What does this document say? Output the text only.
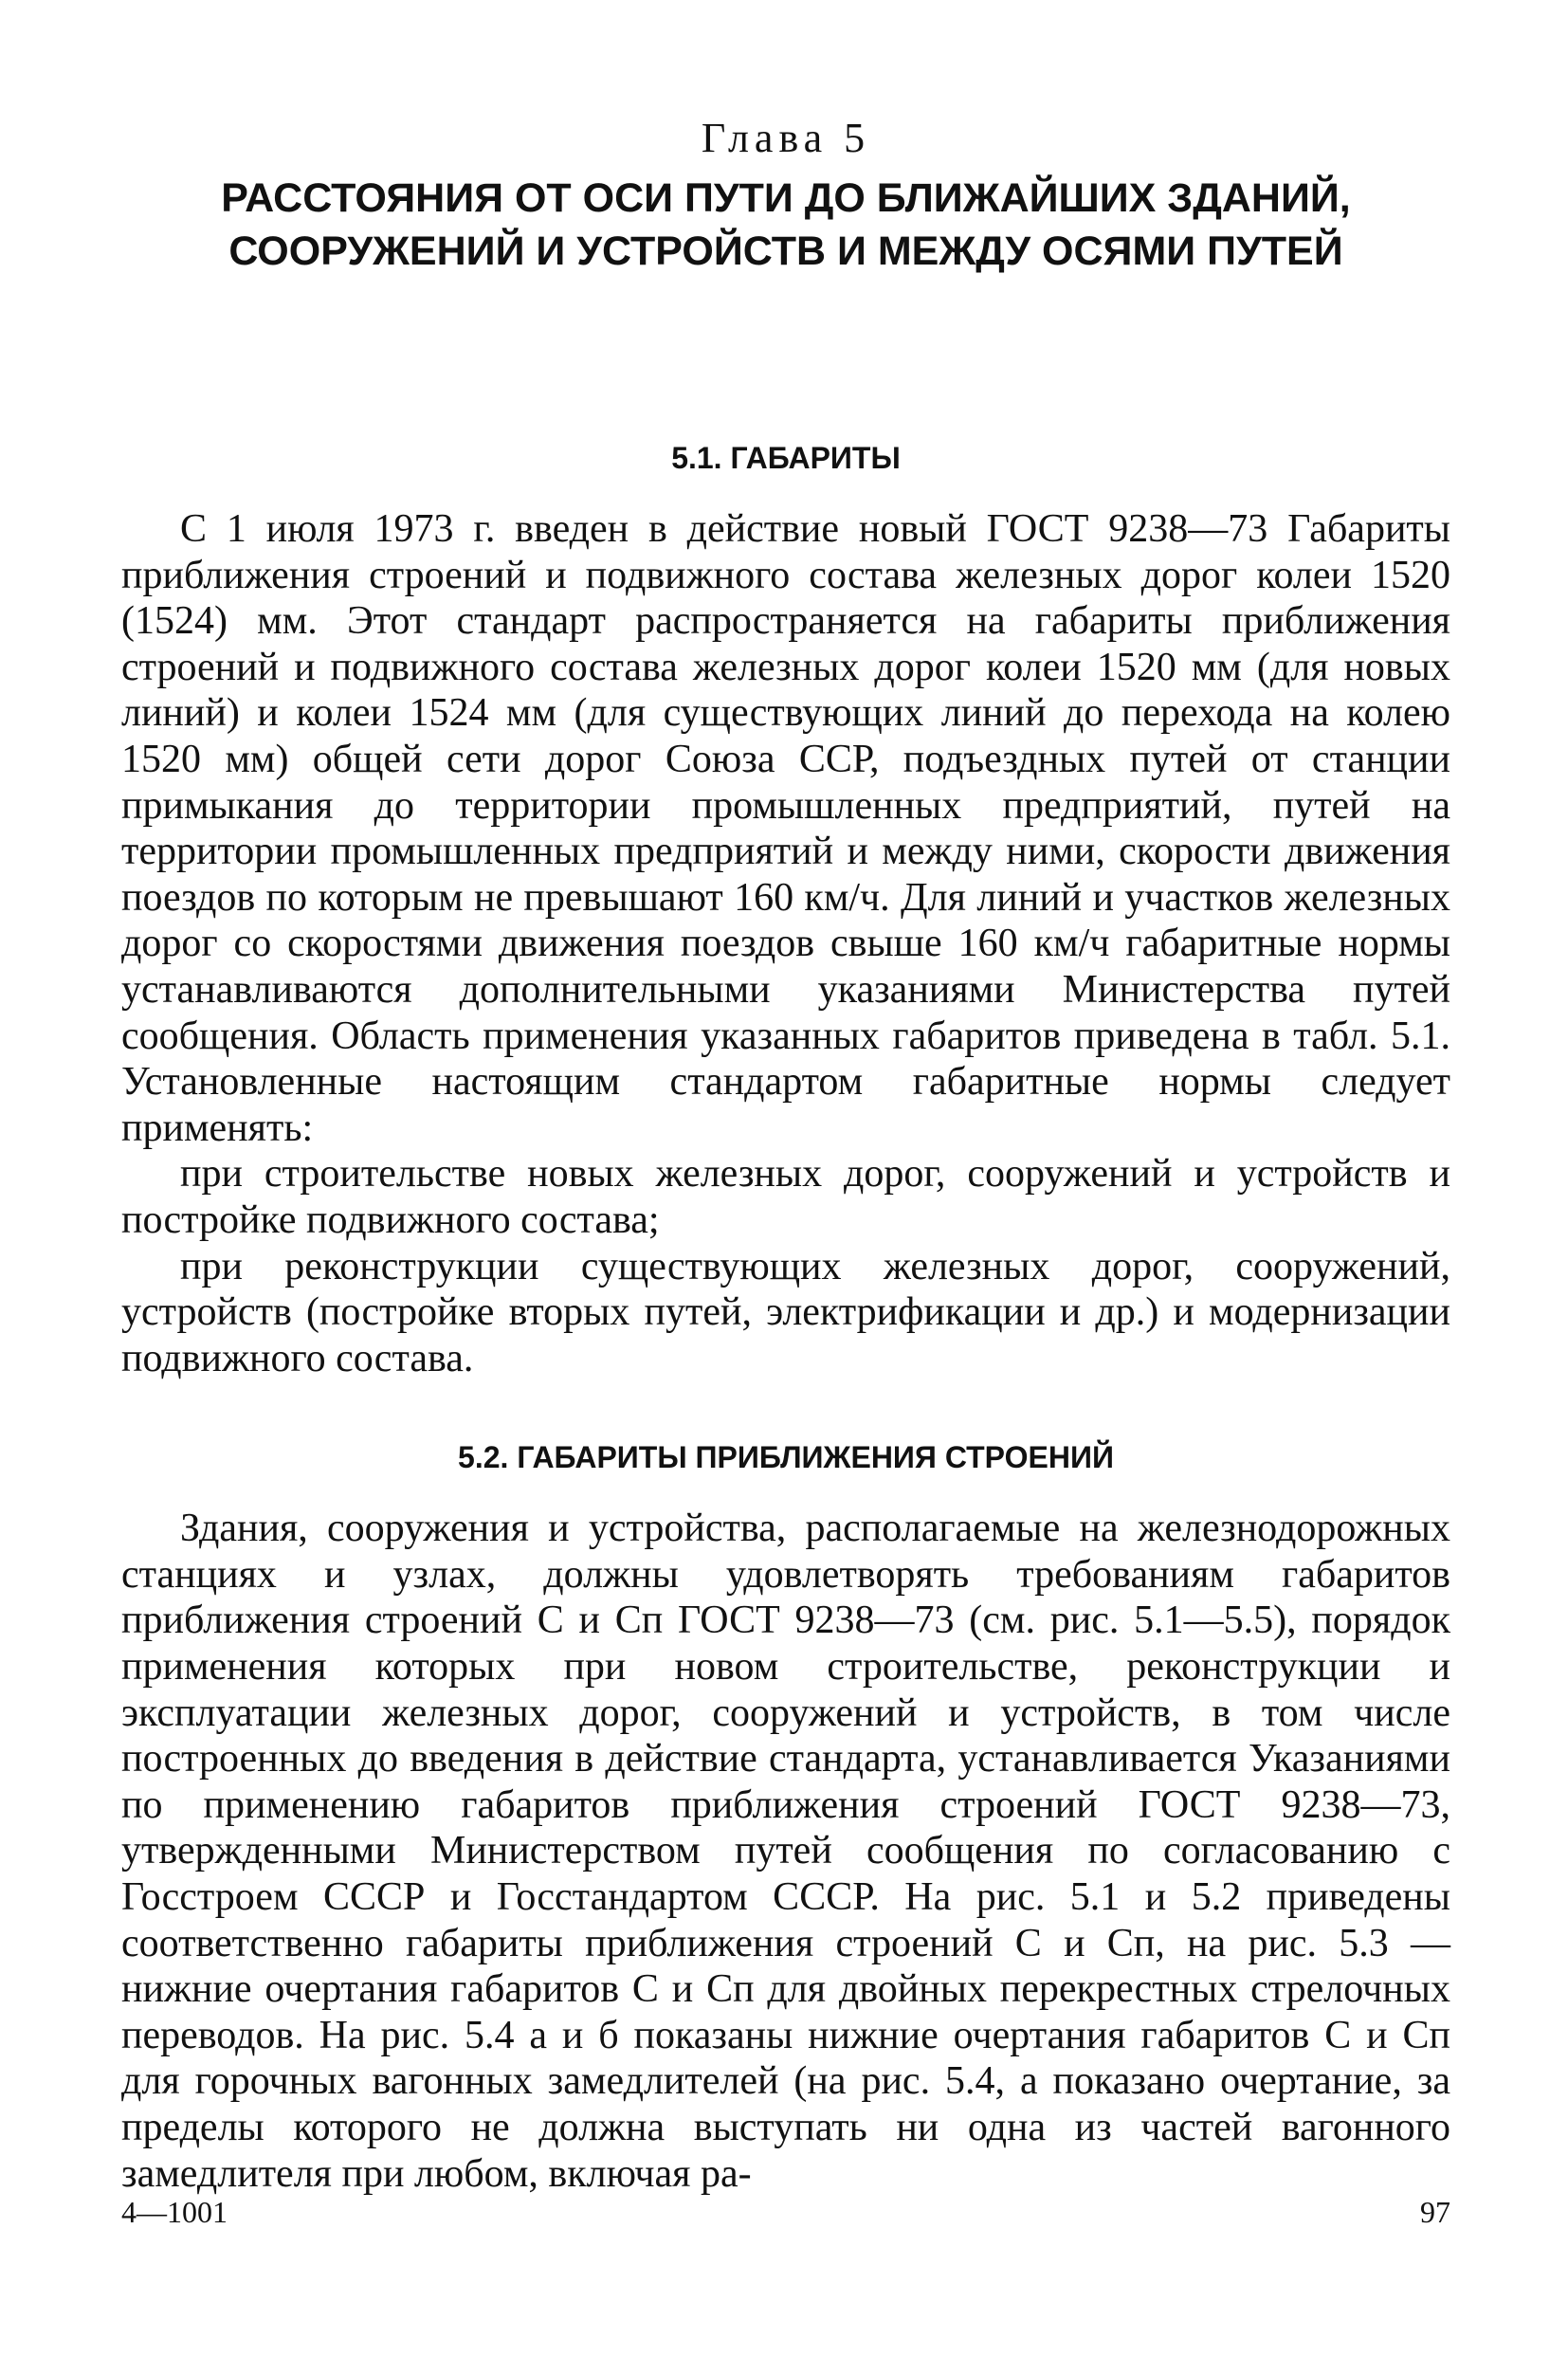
Глава 5
РАССТОЯНИЯ ОТ ОСИ ПУТИ ДО БЛИЖАЙШИХ ЗДАНИЙ, СООРУЖЕНИЙ И УСТРОЙСТВ И МЕЖДУ ОСЯМИ ПУТЕЙ
5.1. ГАБАРИТЫ

С 1 июля 1973 г. введен в действие новый ГОСТ 9238—73 Габариты приближения строений и подвижного состава железных дорог колеи 1520 (1524) мм. Этот стандарт распространяется на габариты приближения строений и подвижного состава железных дорог колеи 1520 мм (для новых линий) и колеи 1524 мм (для существующих линий до перехода на колею 1520 мм) общей сети дорог Союза ССР, подъездных путей от станции примыкания до территории промышленных предприятий, путей на территории промышленных предприятий и между ними, скорости движения поездов по которым не превышают 160 км/ч. Для линий и участков железных дорог со скоростями движения поездов свыше 160 км/ч габаритные нормы устанавливаются дополнительными указаниями Министерства путей сообщения. Область применения указанных габаритов приведена в табл. 5.1. Установленные настоящим стандартом габаритные нормы следует применять:

при строительстве новых железных дорог, сооружений и устройств и постройке подвижного состава;

при реконструкции существующих железных дорог, сооружений, устройств (постройке вторых путей, электрификации и др.) и модернизации подвижного состава.

5.2. ГАБАРИТЫ ПРИБЛИЖЕНИЯ СТРОЕНИЙ

Здания, сооружения и устройства, располагаемые на железнодорожных станциях и узлах, должны удовлетворять требованиям габаритов приближения строений С и Сп ГОСТ 9238—73 (см. рис. 5.1—5.5), порядок применения которых при новом строительстве, реконструкции и эксплуатации железных дорог, сооружений и устройств, в том числе построенных до введения в действие стандарта, устанавливается Указаниями по применению габаритов приближения строений ГОСТ 9238—73, утвержденными Министерством путей сообщения по согласованию с Госстроем СССР и Госстандартом СССР. На рис. 5.1 и 5.2 приведены соответственно габариты приближения строений С и Сп, на рис. 5.3 — нижние очертания габаритов С и Сп для двойных перекрестных стрелочных переводов. На рис. 5.4 а и б показаны нижние очертания габаритов С и Сп для горочных вагонных замедлителей (на рис. 5.4, а показано очертание, за пределы которого не должна выступать ни одна из частей вагонного замедлителя при любом, включая ра-

4—1001	97
